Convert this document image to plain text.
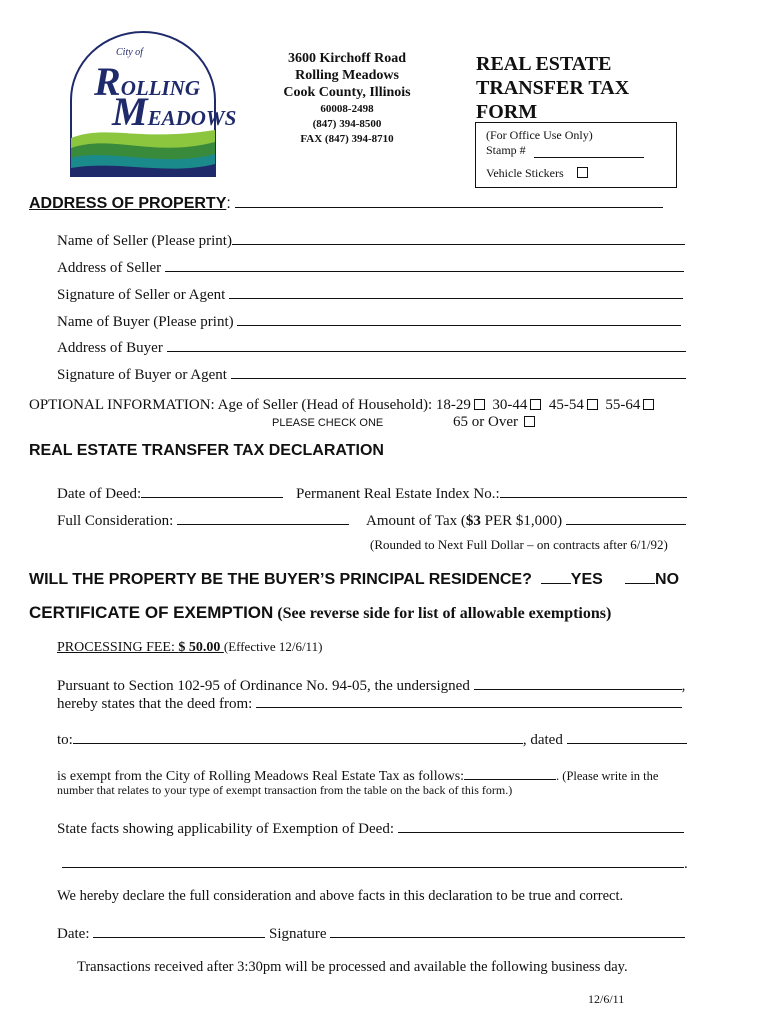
City of
ROLLING
MEADOWS
3600 Kirchoff Road
Rolling Meadows
Cook County, Illinois
60008-2498
(847) 394-8500
FAX (847) 394-8710
REAL ESTATE
TRANSFER TAX
FORM
(For Office Use Only)
Stamp #
Vehicle Stickers
ADDRESS OF PROPERTY:
Name of Seller (Please print)
Address of Seller
Signature of Seller or Agent
Name of Buyer (Please print)
Address of Buyer
Signature of Buyer or Agent
OPTIONAL INFORMATION: Age of Seller (Head of Household): 18-29 30-44 45-54 55-64
PLEASE CHECK ONE	65 or Over
REAL ESTATE TRANSFER TAX DECLARATION
Date of Deed:	Permanent Real Estate Index No.:
Full Consideration:	Amount of Tax ($3 PER $1,000)
(Rounded to Next Full Dollar – on contracts after 6/1/92)
WILL THE PROPERTY BE THE BUYER’S PRINCIPAL RESIDENCE? YES	NO
CERTIFICATE OF EXEMPTION (See reverse side for list of allowable exemptions)
PROCESSING FEE: $ 50.00 (Effective 12/6/11)
Pursuant to Section 102-95 of Ordinance No. 94-05, the undersigned	,
hereby states that the deed from:
to:	, dated
is exempt from the City of Rolling Meadows Real Estate Tax as follows:	. (Please write in the
number that relates to your type of exempt transaction from the table on the back of this form.)
State facts showing applicability of Exemption of Deed:
.
We hereby declare the full consideration and above facts in this declaration to be true and correct.
Date:	Signature
Transactions received after 3:30pm will be processed and available the following business day.
12/6/11
